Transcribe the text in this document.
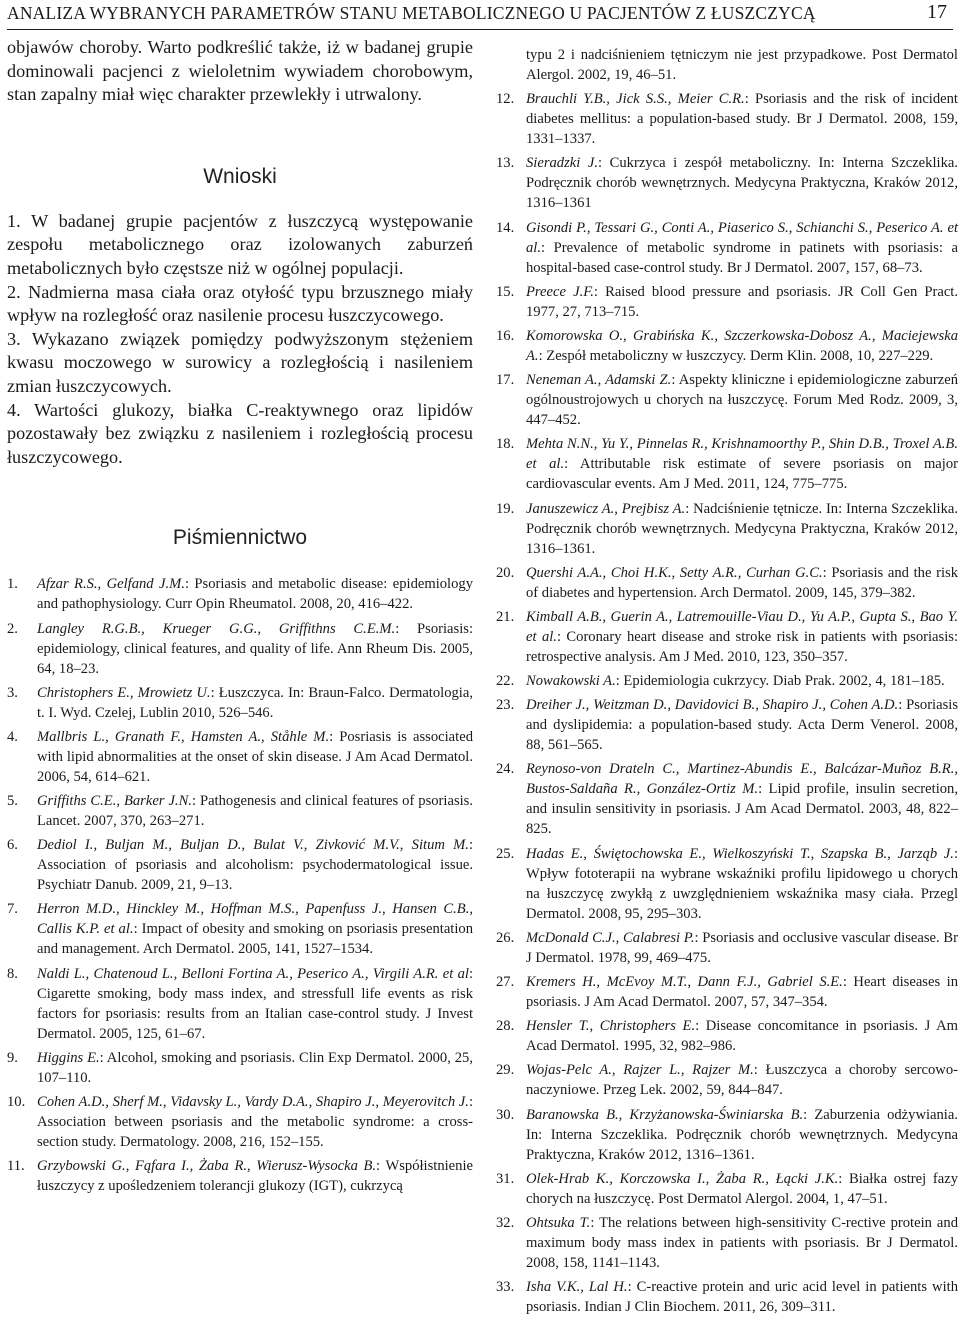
ANALIZA WYBRANYCH PARAMETRÓW STANU METABOLICZNEGO U PACJENTÓW Z ŁUSZCZYCĄ	17

objawów choroby. Warto podkreślić także, iż w badanej grupie dominowali pacjenci z wieloletnim wywiadem chorobowym, stan zapalny miał więc charakter przewlekły i utrwalony.

Wnioski

1. W badanej grupie pacjentów z łuszczycą występowanie zespołu metabolicznego oraz izolowanych zaburzeń metabolicznych było częstsze niż w ogólnej populacji.

2. Nadmierna masa ciała oraz otyłość typu brzusznego miały wpływ na rozległość oraz nasilenie procesu łuszczycowego.

3. Wykazano związek pomiędzy podwyższonym stężeniem kwasu moczowego w surowicy a rozległością i nasileniem zmian łuszczycowych.

4. Wartości glukozy, białka C-reaktywnego oraz lipidów pozostawały bez związku z nasileniem i rozległością procesu łuszczycowego.

Piśmiennictwo
1. Afzar R.S., Gelfand J.M.: Psoriasis and metabolic disease: epidemiology and pathophysiology. Curr Opin Rheumatol. 2008, 20, 416–422.
2. Langley R.G.B., Krueger G.G., Griffithns C.E.M.: Psoriasis: epidemiology, clinical features, and quality of life. Ann Rheum Dis. 2005, 64, 18–23.
3. Christophers E., Mrowietz U.: Łuszczyca. In: Braun-Falco. Dermatologia, t. I. Wyd. Czelej, Lublin 2010, 526–546.
4. Mallbris L., Granath F., Hamsten A., Ståhle M.: Posriasis is associated with lipid abnormalities at the onset of skin disease. J Am Acad Dermatol. 2006, 54, 614–621.
5. Griffiths C.E., Barker J.N.: Pathogenesis and clinical features of psoriasis. Lancet. 2007, 370, 263–271.
6. Dediol I., Buljan M., Buljan D., Bulat V., Zivković M.V., Situm M.: Association of psoriasis and alcoholism: psychodermatological issue. Psychiatr Danub. 2009, 21, 9–13.
7. Herron M.D., Hinckley M., Hoffman M.S., Papenfuss J., Hansen C.B., Callis K.P. et al.: Impact of obesity and smoking on psoriasis presentation and management. Arch Dermatol. 2005, 141, 1527–1534.
8. Naldi L., Chatenoud L., Belloni Fortina A., Peserico A., Virgili A.R. et al: Cigarette smoking, body mass index, and stressfull life events as risk factors for psoriasis: results from an Italian case-control study. J Invest Dermatol. 2005, 125, 61–67.
9. Higgins E.: Alcohol, smoking and psoriasis. Clin Exp Dermatol. 2000, 25, 107–110.
10. Cohen A.D., Sherf M., Vidavsky L., Vardy D.A., Shapiro J., Meyerovitch J.: Association between psoriasis and the metabolic syndrome: a cross-section study. Dermatology. 2008, 216, 152–155.
11. Grzybowski G., Fąfara I., Żaba R., Wierusz-Wysocka B.: Współistnienie łuszczycy z upośledzeniem tolerancji glukozy (IGT), cukrzycą
typu 2 i nadciśnieniem tętniczym nie jest przypadkowe. Post Dermatol Alergol. 2002, 19, 46–51.
12. Brauchli Y.B., Jick S.S., Meier C.R.: Psoriasis and the risk of incident diabetes mellitus: a population-based study. Br J Dermatol. 2008, 159, 1331–1337.
13. Sieradzki J.: Cukrzyca i zespół metaboliczny. In: Interna Szczeklika. Podręcznik chorób wewnętrznych. Medycyna Praktyczna, Kraków 2012, 1316–1361
14. Gisondi P., Tessari G., Conti A., Piaserico S., Schianchi S., Peserico A. et al.: Prevalence of metabolic syndrome in patinets with psoriasis: a hospital-based case-control study. Br J Dermatol. 2007, 157, 68–73.
15. Preece J.F.: Raised blood pressure and psoriasis. JR Coll Gen Pract. 1977, 27, 713–715.
16. Komorowska O., Grabińska K., Szczerkowska-Dobosz A., Maciejewska A.: Zespół metaboliczny w łuszczycy. Derm Klin. 2008, 10, 227–229.
17. Neneman A., Adamski Z.: Aspekty kliniczne i epidemiologiczne zaburzeń ogólnoustrojowych u chorych na łuszczycę. Forum Med Rodz. 2009, 3, 447–452.
18. Mehta N.N., Yu Y., Pinnelas R., Krishnamoorthy P., Shin D.B., Troxel A.B. et al.: Attributable risk estimate of severe psoriasis on major cardiovascular events. Am J Med. 2011, 124, 775–775.
19. Januszewicz A., Prejbisz A.: Nadciśnienie tętnicze. In: Interna Szczeklika. Podręcznik chorób wewnętrznych. Medycyna Praktyczna, Kraków 2012, 1316–1361.
20. Quershi A.A., Choi H.K., Setty A.R., Curhan G.C.: Psoriasis and the risk of diabetes and hypertension. Arch Dermatol. 2009, 145, 379–382.
21. Kimball A.B., Guerin A., Latremouille-Viau D., Yu A.P., Gupta S., Bao Y. et al.: Coronary heart disease and stroke risk in patients with psoriasis: retrospective analysis. Am J Med. 2010, 123, 350–357.
22. Nowakowski A.: Epidemiologia cukrzycy. Diab Prak. 2002, 4, 181–185.
23. Dreiher J., Weitzman D., Davidovici B., Shapiro J., Cohen A.D.: Psoriasis and dyslipidemia: a population-based study. Acta Derm Venerol. 2008, 88, 561–565.
24. Reynoso-von Drateln C., Martinez-Abundis E., Balcázar-Muñoz B.R., Bustos-Saldaña R., González-Ortiz M.: Lipid profile, insulin secretion, and insulin sensitivity in psoriasis. J Am Acad Dermatol. 2003, 48, 822–825.
25. Hadas E., Świętochowska E., Wielkoszyński T., Szapska B., Jarząb J.: Wpływ fototerapii na wybrane wskaźniki profilu lipidowego u chorych na łuszczycę zwykłą z uwzględnieniem wskaźnika masy ciała. Przegl Dermatol. 2008, 95, 295–303.
26. McDonald C.J., Calabresi P.: Psoriasis and occlusive vascular disease. Br J Dermatol. 1978, 99, 469–475.
27. Kremers H., McEvoy M.T., Dann F.J., Gabriel S.E.: Heart diseases in psoriasis. J Am Acad Dermatol. 2007, 57, 347–354.
28. Hensler T., Christophers E.: Disease concomitance in psoriasis. J Am Acad Dermatol. 1995, 32, 982–986.
29. Wojas-Pelc A., Rajzer L., Rajzer M.: Łuszczyca a choroby sercowo-naczyniowe. Przeg Lek. 2002, 59, 844–847.
30. Baranowska B., Krzyżanowska-Świniarska B.: Zaburzenia odżywiania. In: Interna Szczeklika. Podręcznik chorób wewnętrznych. Medycyna Praktyczna, Kraków 2012, 1316–1361.
31. Olek-Hrab K., Korczowska I., Żaba R., Łącki J.K.: Białka ostrej fazy chorych na łuszczycę. Post Dermatol Alergol. 2004, 1, 47–51.
32. Ohtsuka T.: The relations between high-sensitivity C-rective protein and maximum body mass index in patients with psoriasis. Br J Dermatol. 2008, 158, 1141–1143.
33. Isha V.K., Lal H.: C-reactive protein and uric acid level in patients with psoriasis. Indian J Clin Biochem. 2011, 26, 309–311.
